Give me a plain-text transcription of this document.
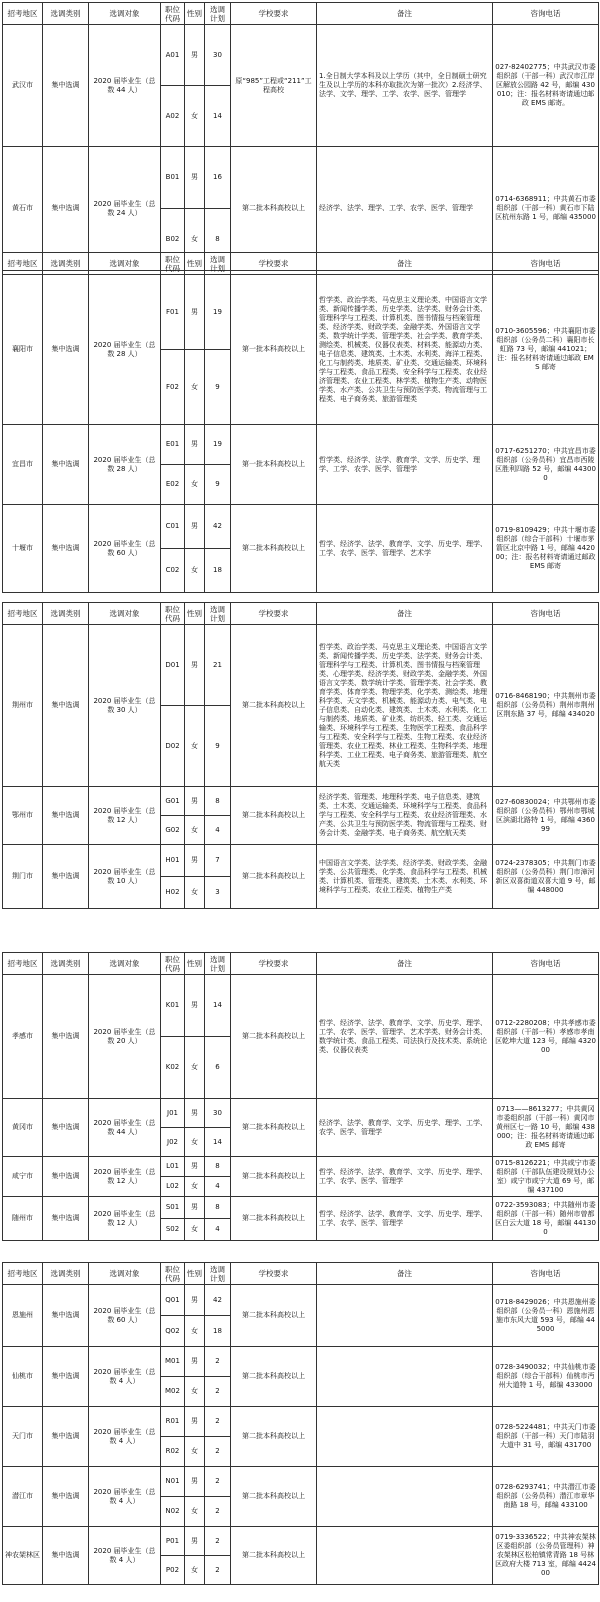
招考地区	选调类别	选调对象	职位代码	性别	选调计划	学校要求	备注	咨询电话
武汉市	集中选调	2020 届毕业生（总数 44 人）	A01	男	30	原“985”工程或“211”工程高校	1.全日制大学本科及以上学历（其中，全日制硕士研究生及以上学历的本科亦取批次为第一批次）2.经济学、法学、文学、理学、工学、农学、医学、管理学	027-82402775；中共武汉市委组织部（干部一科）武汉市江岸区解放公园路 42 号，邮编 430010；注：报名材料寄请通过邮政 EMS 邮寄。
			A02	女	14			
黄石市	集中选调	2020 届毕业生（总数 24 人）	B01	男	16	第二批本科高校以上	经济学、法学、理学、工学、农学、医学、管理学	0714-6368911；中共黄石市委组织部（干部一科）黄石市下陆区杭州东路 1 号，邮编 435000
			B02	女	8			
招考地区	选调类别	选调对象	职位代码	性别	选调计划	学校要求	备注	咨询电话
襄阳市	集中选调	2020 届毕业生（总数 28 人）	F01	男	19	第一批本科高校以上	哲学类、政治学类、马克思主义理论类、中国语言文学类、新闻传播学类、历史学类、法学类、财务会计类、管理科学与工程类、计算机类、图书情报与档案管理类、经济学类、财政学类、金融学类、外国语言文学类、数学统计学类、管理学类、社会学类、教育学类、测绘类、机械类、仪器仪表类、材料类、能源动力类、电子信息类、建筑类、土木类、水利类、海洋工程类、化工与制药类、地质类、矿业类、交通运输类、环境科学与工程类、食品工程类、安全科学与工程类、农业经济管理类、农业工程类、林学类、植物生产类、动物医学类、水产类、公共卫生与预防医学类、物流管理与工程类、电子商务类、旅游管理类	0710-3605596；中共襄阳市委组织部（公务员二科）襄阳市长虹路 73 号，邮编 441021；注：报名材料寄请通过邮政 EMS 邮寄
			F02	女	9			
宜昌市	集中选调	2020 届毕业生（总数 28 人）	E01	男	19	第一批本科高校以上	哲学类、经济学、法学、教育学、文学、历史学、理学、工学、农学、医学、管理学	0717-6251270；中共宜昌市委组织部（公务员科）宜昌市西陵区胜利四路 52 号，邮编 443000
			E02	女	9			
十堰市	集中选调	2020 届毕业生（总数 60 人）	C01	男	42	第二批本科高校以上	哲学、经济学、法学、教育学、文学、历史学、理学、工学、农学、医学、管理学、艺术学	0719-8109429；中共十堰市委组织部（综合干部科）十堰市茅箭区北京中路 1 号，邮编 442000；注：报名材料寄请通过邮政 EMS 邮寄
			C02	女	18			
招考地区	选调类别	选调对象	职位代码	性别	选调计划	学校要求	备注	咨询电话
荆州市	集中选调	2020 届毕业生（总数 30 人）	D01	男	21	第二批本科高校以上	哲学类、政治学类、马克思主义理论类、中国语言文学类、新闻传播学类、历史学类、法学类、财务会计类、管理科学与工程类、计算机类、图书情报与档案管理类、心理学类、经济学类、财政学类、金融学类、外国语言文学类、数学统计学类、管理学类、社会学类、教育学类、体育学类、物理学类、化学类、测绘类、地理科学类、天文学类、机械类、能源动力类、电气类、电子信息类、自动化类、建筑类、土木类、水利类、化工与制药类、地质类、矿业类、纺织类、轻工类、交通运输类、环境科学与工程类、生物医学工程类、食品科学与工程类、安全科学与工程类、生物工程类、农业经济管理类、农业工程类、林业工程类、生物科学类、地理科学类、工业工程类、电子商务类、旅游管理类、航空航天类	0716-8468190；中共荆州市委组织部（公务员科）荆州市荆州区荆东路 37 号，邮编 434020
			D02	女	9			
鄂州市	集中选调	2020 届毕业生（总数 12 人）	G01	男	8	第二批本科高校以上	经济学类、管理类、地理科学类、电子信息类、建筑类、土木类、交通运输类、环境科学与工程类、食品科学与工程类、安全科学与工程类、农业经济管理类、水产类、公共卫生与预防医学类、物流管理与工程类、财务会计类、金融学类、电子商务类、航空航天类	027-60830024；中共鄂州市委组织部（公务员科）鄂州市鄂城区滨湖北路特 1 号，邮编 436099
			G02	女	4			
荆门市	集中选调	2020 届毕业生（总数 10 人）	H01	男	7	第二批本科高校以上	中国语言文学类、法学类、经济学类、财政学类、金融学类、公共管理类、化学类、食品科学与工程类、机械类、计算机类、管理类、建筑类、土木类、水利类、环境科学与工程类、农业工程类、植物生产类	0724-2378305；中共荆门市委组织部（公务员科）荆门市漳河新区双喜街道双喜大道 9 号，邮编 448000
			H02	女	3			
招考地区	选调类别	选调对象	职位代码	性别	选调计划	学校要求	备注	咨询电话
孝感市	集中选调	2020 届毕业生（总数 20 人）	K01	男	14	第二批本科高校以上	哲学、经济学、法学、教育学、文学、历史学、理学、工学、农学、医学、管理学、艺术学类、财务会计类、数学统计类、食品工程类、司法执行及技术类、系统论类、仪器仪表类	0712-2280208；中共孝感市委组织部（干部一科）孝感市孝南区乾坤大道 123 号，邮编 432000
			K02	女	6			
黄冈市	集中选调	2020 届毕业生（总数 44 人）	J01	男	30	第二批本科高校以上	经济学、法学、教育学、文学、历史学、理学、工学、农学、医学、管理学	0713——8613277；中共黄冈市委组织部（干部一科）黄冈市黄州区七一路 10 号，邮编 438000；注：报名材料寄请通过邮政 EMS 邮寄
			J02	女	14			
咸宁市	集中选调	2020 届毕业生（总数 12 人）	L01	男	8	第二批本科高校以上	哲学、经济学、法学、教育学、文学、历史学、理学、工学、农学、医学、管理学	0715-8126221；中共咸宁市委组织部（干部队伍建设规划办公室）咸宁市咸宁大道 69 号，邮编 437100
			L02	女	4			
随州市	集中选调	2020 届毕业生（总数 12 人）	S01	男	8	第二批本科高校以上	哲学、经济学、法学、教育学、文学、历史学、理学、工学、农学、医学、管理学	0722-3593083；中共随州市委组织部（干部一科）随州市曾都区白云大道 18 号，邮编 441300
			S02	女	4			
招考地区	选调类别	选调对象	职位代码	性别	选调计划	学校要求	备注	咨询电话
恩施州	集中选调	2020 届毕业生（总数 60 人）	Q01	男	42	第二批本科高校以上		0718-8429026；中共恩施州委组织部（公务员一科）恩施州恩施市东风大道 593 号，邮编 445000
			Q02	女	18			
仙桃市	集中选调	2020 届毕业生（总数 4 人）	M01	男	2	第二批本科高校以上		0728-3490032；中共仙桃市委组织部（综合干部科）仙桃市沔州大道特 1 号，邮编 433000
			M02	女	2			
天门市	集中选调	2020 届毕业生（总数 4 人）	R01	男	2	第二批本科高校以上		0728-5224481；中共天门市委组织部（干部一科）天门市陆羽大道中 31 号，邮编 431700
			R02	女	2			
潜江市	集中选调	2020 届毕业生（总数 4 人）	N01	男	2	第二批本科高校以上		0728-6293741；中共潜江市委组织部（公务员科）潜江市章华南路 18 号，邮编 433100
			N02	女	2			
神农架林区	集中选调	2020 届毕业生（总数 4 人）	P01	男	2	第二批本科高校以上		0719-3336522；中共神农架林区委组织部（公务员管理科）神农架林区松柏镇常青路 18 号林区政府大楼 713 室，邮编 442400
			P02	女	2			
